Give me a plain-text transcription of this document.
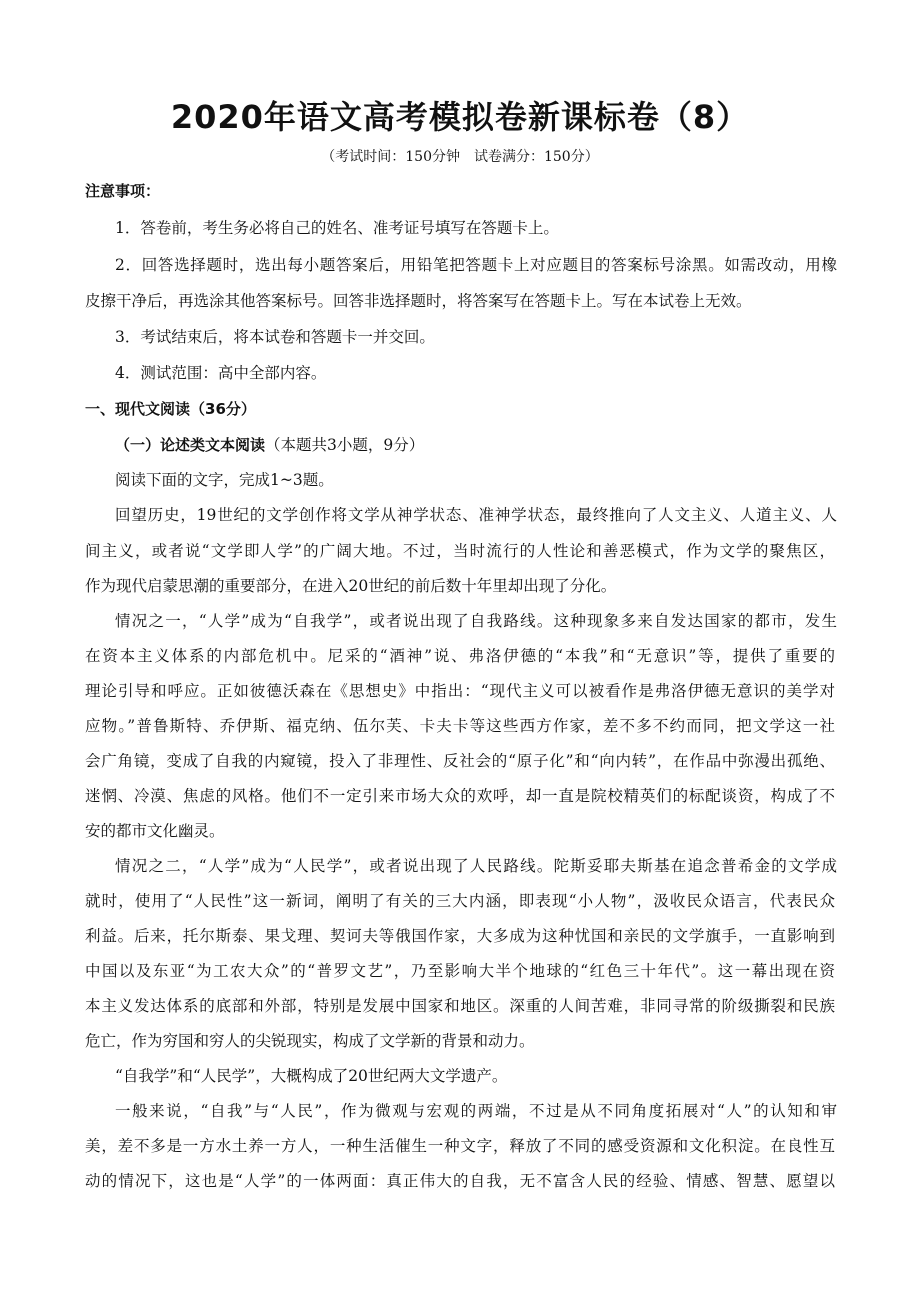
2020年语文高考模拟卷新课标卷（8）
（考试时间：150分钟　试卷满分：150分）
注意事项：
1．答卷前，考生务必将自己的姓名、准考证号填写在答题卡上。
2．回答选择题时，选出每小题答案后，用铅笔把答题卡上对应题目的答案标号涂黑。如需改动，用橡
皮擦干净后，再选涂其他答案标号。回答非选择题时，将答案写在答题卡上。写在本试卷上无效。
3．考试结束后，将本试卷和答题卡一并交回。
4．测试范围：高中全部内容。
一、现代文阅读（36分）
（一）论述类文本阅读（本题共3小题，9分）
阅读下面的文字，完成1~3题。
回望历史，19世纪的文学创作将文学从神学状态、准神学状态，最终推向了人文主义、人道主义、人
间主义，或者说“文学即人学”的广阔大地。不过，当时流行的人性论和善恶模式，作为文学的聚焦区，
作为现代启蒙思潮的重要部分，在进入20世纪的前后数十年里却出现了分化。
情况之一，“人学”成为“自我学”，或者说出现了自我路线。这种现象多来自发达国家的都市，发生
在资本主义体系的内部危机中。尼采的“酒神”说、弗洛伊德的“本我”和“无意识”等，提供了重要的
理论引导和呼应。正如彼德沃森在《思想史》中指出：“现代主义可以被看作是弗洛伊德无意识的美学对
应物。”普鲁斯特、乔伊斯、福克纳、伍尔芙、卡夫卡等这些西方作家，差不多不约而同，把文学这一社
会广角镜，变成了自我的内窥镜，投入了非理性、反社会的“原子化”和“向内转”，在作品中弥漫出孤绝、
迷惘、冷漠、焦虑的风格。他们不一定引来市场大众的欢呼，却一直是院校精英们的标配谈资，构成了不
安的都市文化幽灵。
情况之二，“人学”成为“人民学”，或者说出现了人民路线。陀斯妥耶夫斯基在追念普希金的文学成
就时，使用了“人民性”这一新词，阐明了有关的三大内涵，即表现“小人物”，汲收民众语言，代表民众
利益。后来，托尔斯泰、果戈理、契诃夫等俄国作家，大多成为这种忧国和亲民的文学旗手，一直影响到
中国以及东亚“为工农大众”的“普罗文艺”，乃至影响大半个地球的“红色三十年代”。这一幕出现在资
本主义发达体系的底部和外部，特别是发展中国家和地区。深重的人间苦难，非同寻常的阶级撕裂和民族
危亡，作为穷国和穷人的尖锐现实，构成了文学新的背景和动力。
“自我学”和“人民学”，大概构成了20世纪两大文学遗产。
一般来说，“自我”与“人民”，作为微观与宏观的两端，不过是从不同角度拓展对“人”的认知和审
美，差不多是一方水土养一方人，一种生活催生一种文字，释放了不同的感受资源和文化积淀。在良性互
动的情况下，这也是“人学”的一体两面：真正伟大的自我，无不富含人民的经验、情感、智慧、愿望以
